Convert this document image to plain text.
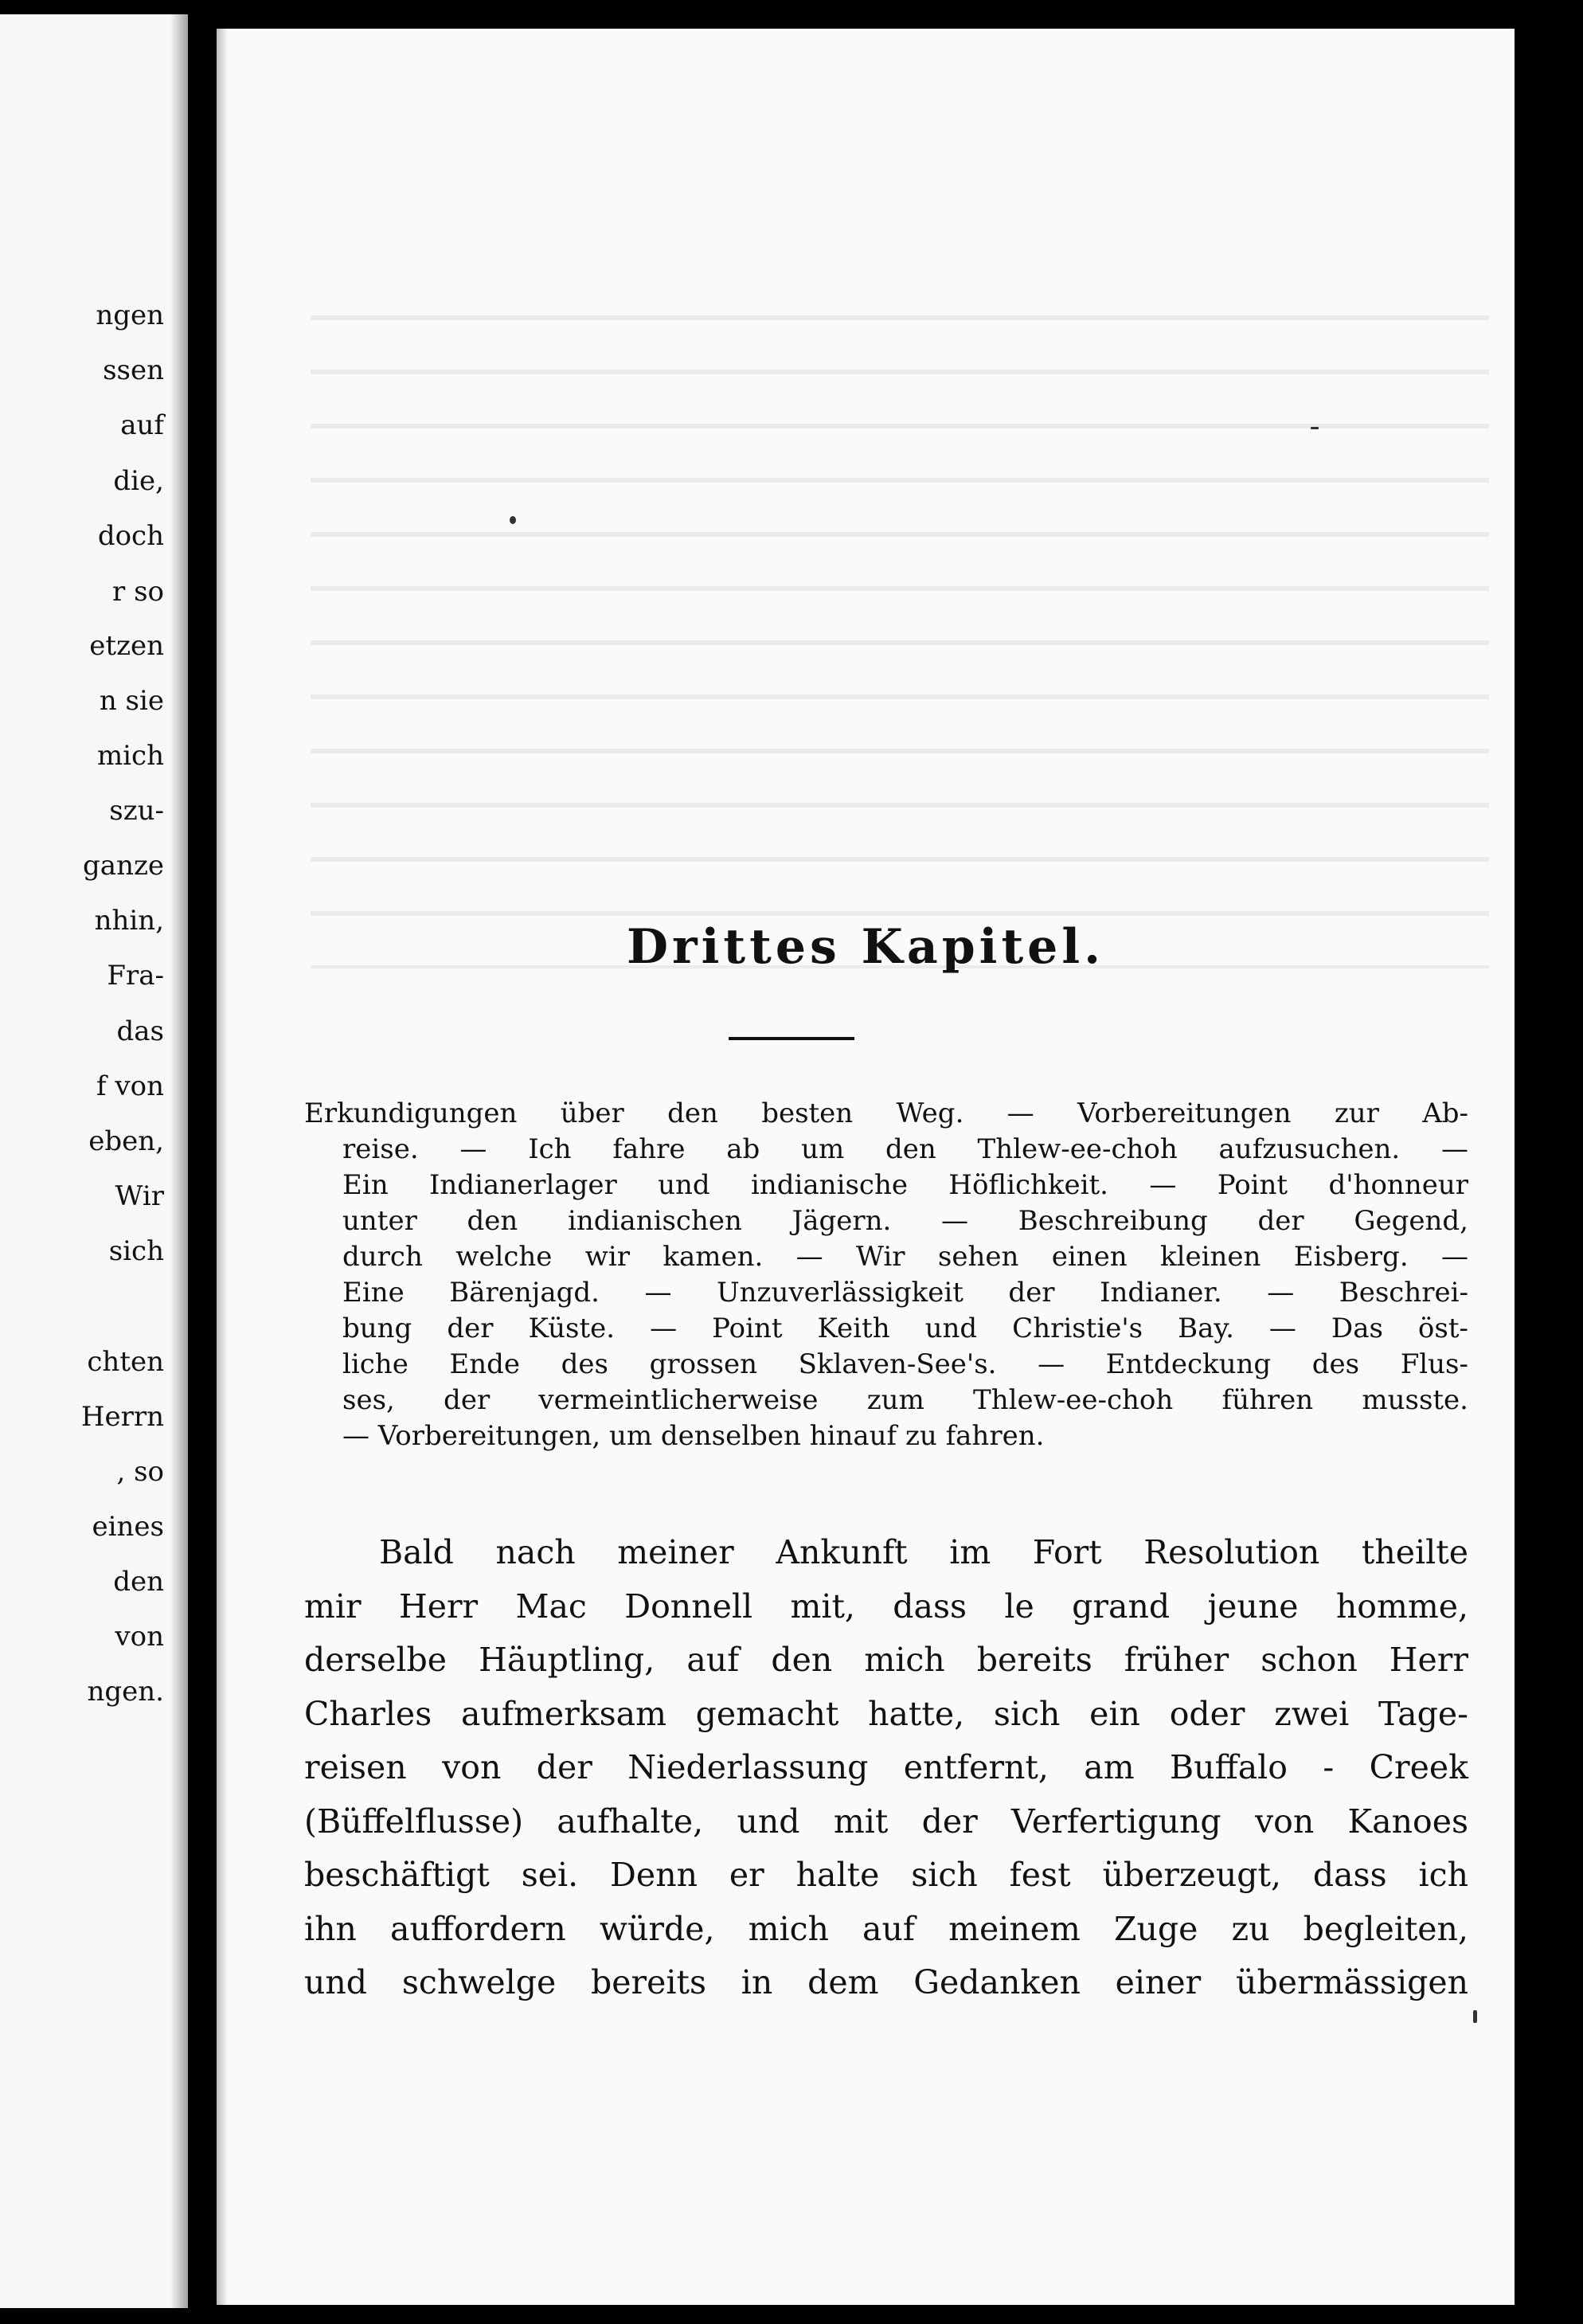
ngen
ssen
auf
die,
doch
r so
etzen
n sie
mich
szu-
ganze
nhin,
Fra-
das
f von
eben,
Wir
sich
chten
Herrn
, so
eines
den
von
ngen.
Drittes Kapitel.
Erkundigungen über den besten Weg. — Vorbereitungen zur Ab-
reise. — Ich fahre ab um den Thlew-ee-choh aufzusuchen. —
Ein Indianerlager und indianische Höflichkeit. — Point d'honneur
unter den indianischen Jägern. — Beschreibung der Gegend,
durch welche wir kamen. — Wir sehen einen kleinen Eisberg. —
Eine Bärenjagd. — Unzuverlässigkeit der Indianer. — Beschrei-
bung der Küste. — Point Keith und Christie's Bay. — Das öst-
liche Ende des grossen Sklaven-See's. — Entdeckung des Flus-
ses, der vermeintlicherweise zum Thlew-ee-choh führen musste.
— Vorbereitungen, um denselben hinauf zu fahren.
Bald nach meiner Ankunft im Fort Resolution theilte
mir Herr Mac Donnell mit, dass le grand jeune homme,
derselbe Häuptling, auf den mich bereits früher schon Herr
Charles aufmerksam gemacht hatte, sich ein oder zwei Tage-
reisen von der Niederlassung entfernt, am Buffalo - Creek
(Büffelflusse) aufhalte, und mit der Verfertigung von Kanoes
beschäftigt sei. Denn er halte sich fest überzeugt, dass ich
ihn auffordern würde, mich auf meinem Zuge zu begleiten,
und schwelge bereits in dem Gedanken einer übermässigen
